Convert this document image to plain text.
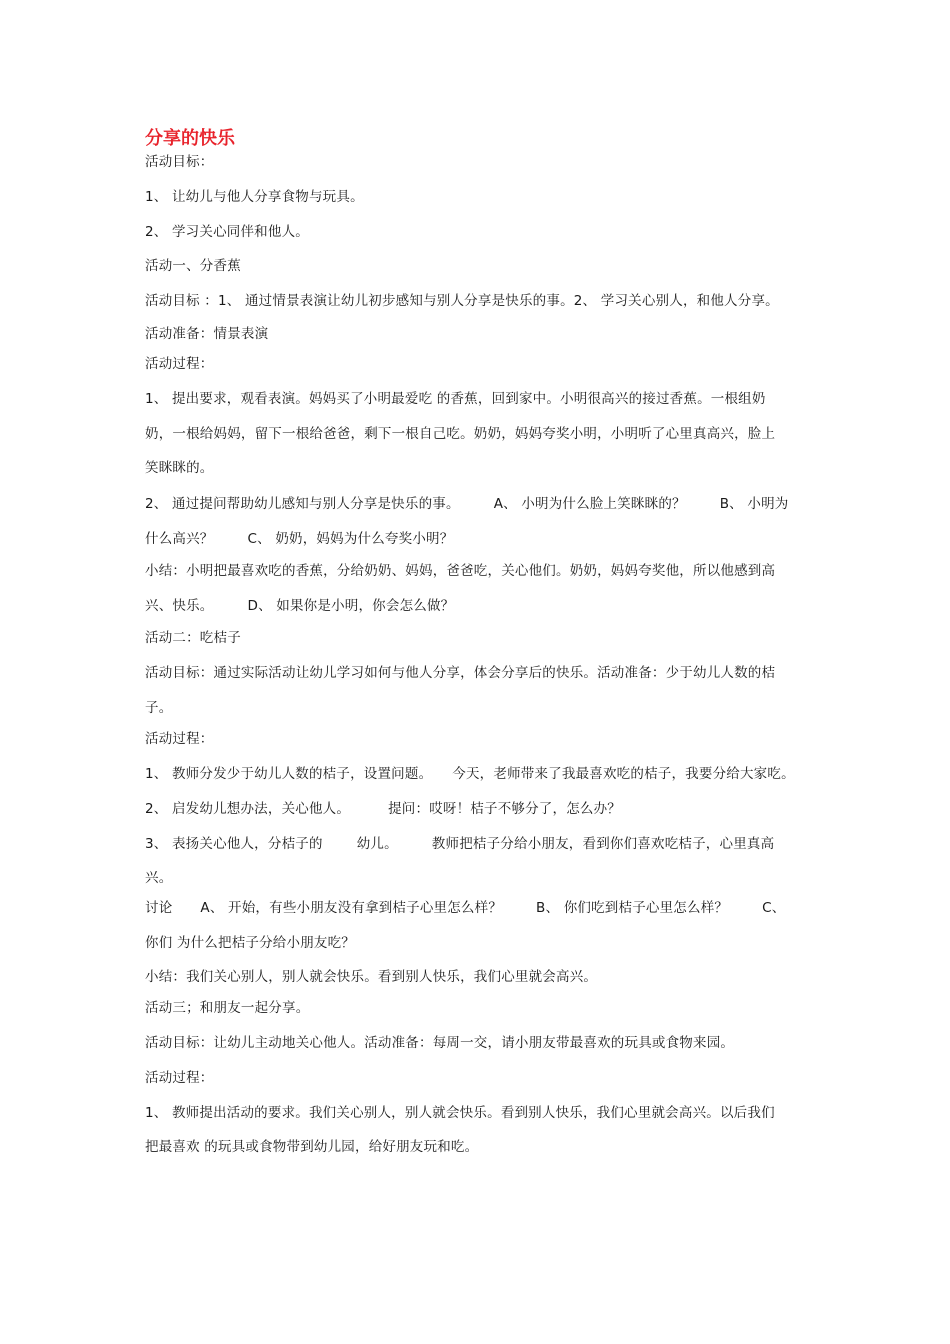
分享的快乐
活动目标：
1、 让幼儿与他人分享食物与玩具。
2、 学习关心同伴和他人。
活动一、分香蕉
活动目标 ：1、 通过情景表演让幼儿初步感知与别人分享是快乐的事。2、 学习关心别人，和他人分享。
活动准备：情景表演
活动过程：
1、 提出要求，观看表演。妈妈买了小明最爱吃 的香蕉，回到家中。小明很高兴的接过香蕉。一根组奶
奶，一根给妈妈，留下一根给爸爸，剩下一根自己吃。奶奶，妈妈夸奖小明，小明听了心里真高兴，脸上
笑眯眯的。
2、 通过提问帮助幼儿感知与别人分享是快乐的事。	A、 小明为什么脸上笑眯眯的？	B、 小明为
什么高兴？	C、 奶奶，妈妈为什么夸奖小明？
小结：小明把最喜欢吃的香蕉，分给奶奶、妈妈，爸爸吃，关心他们。奶奶，妈妈夸奖他，所以他感到高
兴、快乐。	D、 如果你是小明，你会怎么做？
活动二：吃桔子
活动目标：通过实际活动让幼儿学习如何与他人分享，体会分享后的快乐。活动准备：少于幼儿人数的桔
子。
活动过程：
1、 教师分发少于幼儿人数的桔子，设置问题。 今天，老师带来了我最喜欢吃的桔子，我要分给大家吃。
2、 启发幼儿想办法，关心他人。	提问：哎呀！桔子不够分了，怎么办？
3、 表扬关心他人，分桔子的	幼儿。	教师把桔子分给小朋友，看到你们喜欢吃桔子，心里真高
兴。
讨论 A、 开始，有些小朋友没有拿到桔子心里怎么样？	B、 你们吃到桔子心里怎么样？	C、
你们 为什么把桔子分给小朋友吃？
小结：我们关心别人，别人就会快乐。看到别人快乐，我们心里就会高兴。
活动三；和朋友一起分享。
活动目标：让幼儿主动地关心他人。活动准备：每周一交，请小朋友带最喜欢的玩具或食物来园。
活动过程：
1、 教师提出活动的要求。我们关心别人，别人就会快乐。看到别人快乐，我们心里就会高兴。以后我们
把最喜欢 的玩具或食物带到幼儿园，给好朋友玩和吃。
